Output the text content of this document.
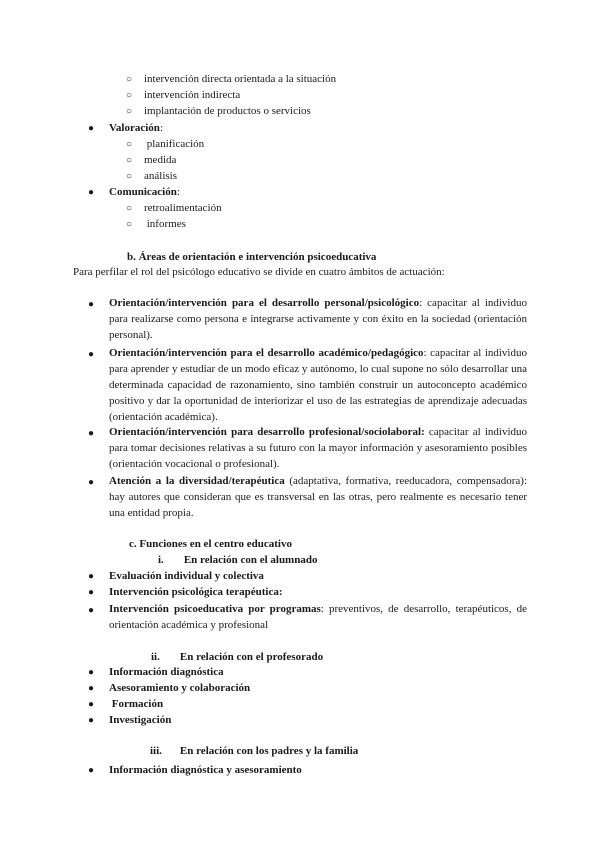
○ intervención directa orientada a la situación
○ intervención indirecta
○ implantación de productos o servicios
● Valoración:
○ planificación
○ medida
○ análisis
● Comunicación:
○ retroalimentación
○ informes
b. Áreas de orientación e intervención psicoeducativa
Para perfilar el rol del psicólogo educativo se divide en cuatro ámbitos de actuación:
●	Orientación/intervención para el desarrollo personal/psicológico: capacitar al individuo para realizarse como persona e integrarse activamente y con éxito en la sociedad (orientación personal).
●	Orientación/intervención para el desarrollo académico/pedagógico: capacitar al individuo para aprender y estudiar de un modo eficaz y autónomo, lo cual supone no sólo desarrollar una determinada capacidad de razonamiento, sino también construir un autoconcepto académico positivo y dar la oportunidad de interiorizar el uso de las estrategias de aprendizaje adecuadas (orientación académica).
●	Orientación/intervención para desarrollo profesional/sociolaboral: capacitar al individuo para tomar decisiones relativas a su futuro con la mayor información y asesoramiento posibles (orientación vocacional o profesional).
●	Atención a la diversidad/terapéutica (adaptativa, formativa, reeducadora, compensadora): hay autores que consideran que es transversal en las otras, pero realmente es necesario tener una entidad propia.
c. Funciones en el centro educativo
i. En relación con el alumnado
● Evaluación individual y colectiva
● Intervención psicológica terapéutica:
●	Intervención psicoeducativa por programas: preventivos, de desarrollo, terapéuticos, de orientación académica y profesional
ii. En relación con el profesorado
● Información diagnóstica
● Asesoramiento y colaboración
● Formación
● Investigación
iii. En relación con los padres y la familia
● Información diagnóstica y asesoramiento
